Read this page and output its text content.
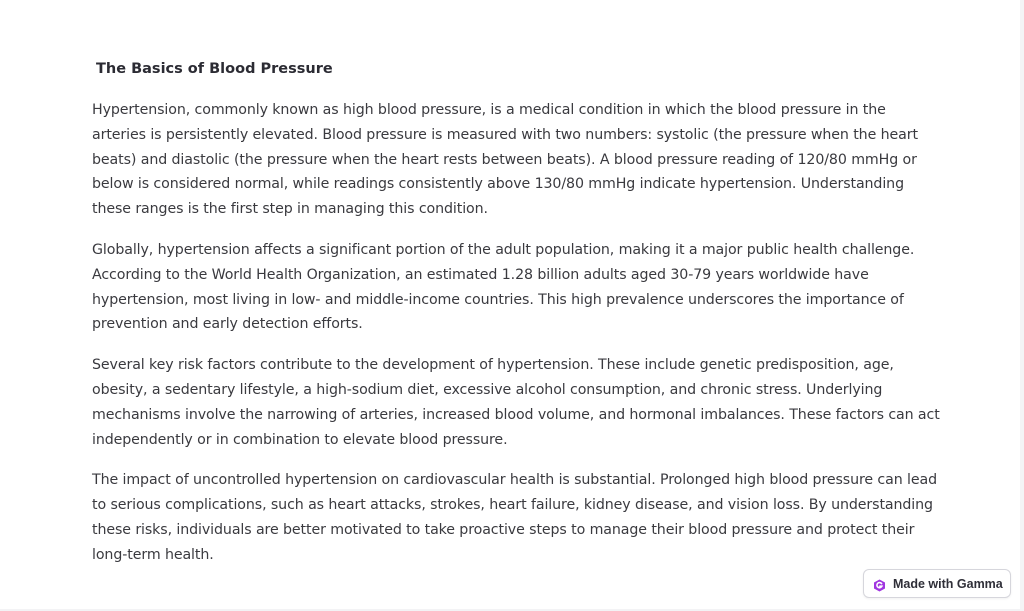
The Basics of Blood Pressure

Hypertension, commonly known as high blood pressure, is a medical condition in which the blood pressure in the arteries is persistently elevated. Blood pressure is measured with two numbers: systolic (the pressure when the heart beats) and diastolic (the pressure when the heart rests between beats). A blood pressure reading of 120/80 mmHg or below is considered normal, while readings consistently above 130/80 mmHg indicate hypertension. Understanding these ranges is the first step in managing this condition.

Globally, hypertension affects a significant portion of the adult population, making it a major public health challenge. According to the World Health Organization, an estimated 1.28 billion adults aged 30-79 years worldwide have hypertension, most living in low- and middle-income countries. This high prevalence underscores the importance of prevention and early detection efforts.

Several key risk factors contribute to the development of hypertension. These include genetic predisposition, age, obesity, a sedentary lifestyle, a high-sodium diet, excessive alcohol consumption, and chronic stress. Underlying mechanisms involve the narrowing of arteries, increased blood volume, and hormonal imbalances. These factors can act independently or in combination to elevate blood pressure.

The impact of uncontrolled hypertension on cardiovascular health is substantial. Prolonged high blood pressure can lead to serious complications, such as heart attacks, strokes, heart failure, kidney disease, and vision loss. By understanding these risks, individuals are better motivated to take proactive steps to manage their blood pressure and protect their long-term health.

Made with Gamma
